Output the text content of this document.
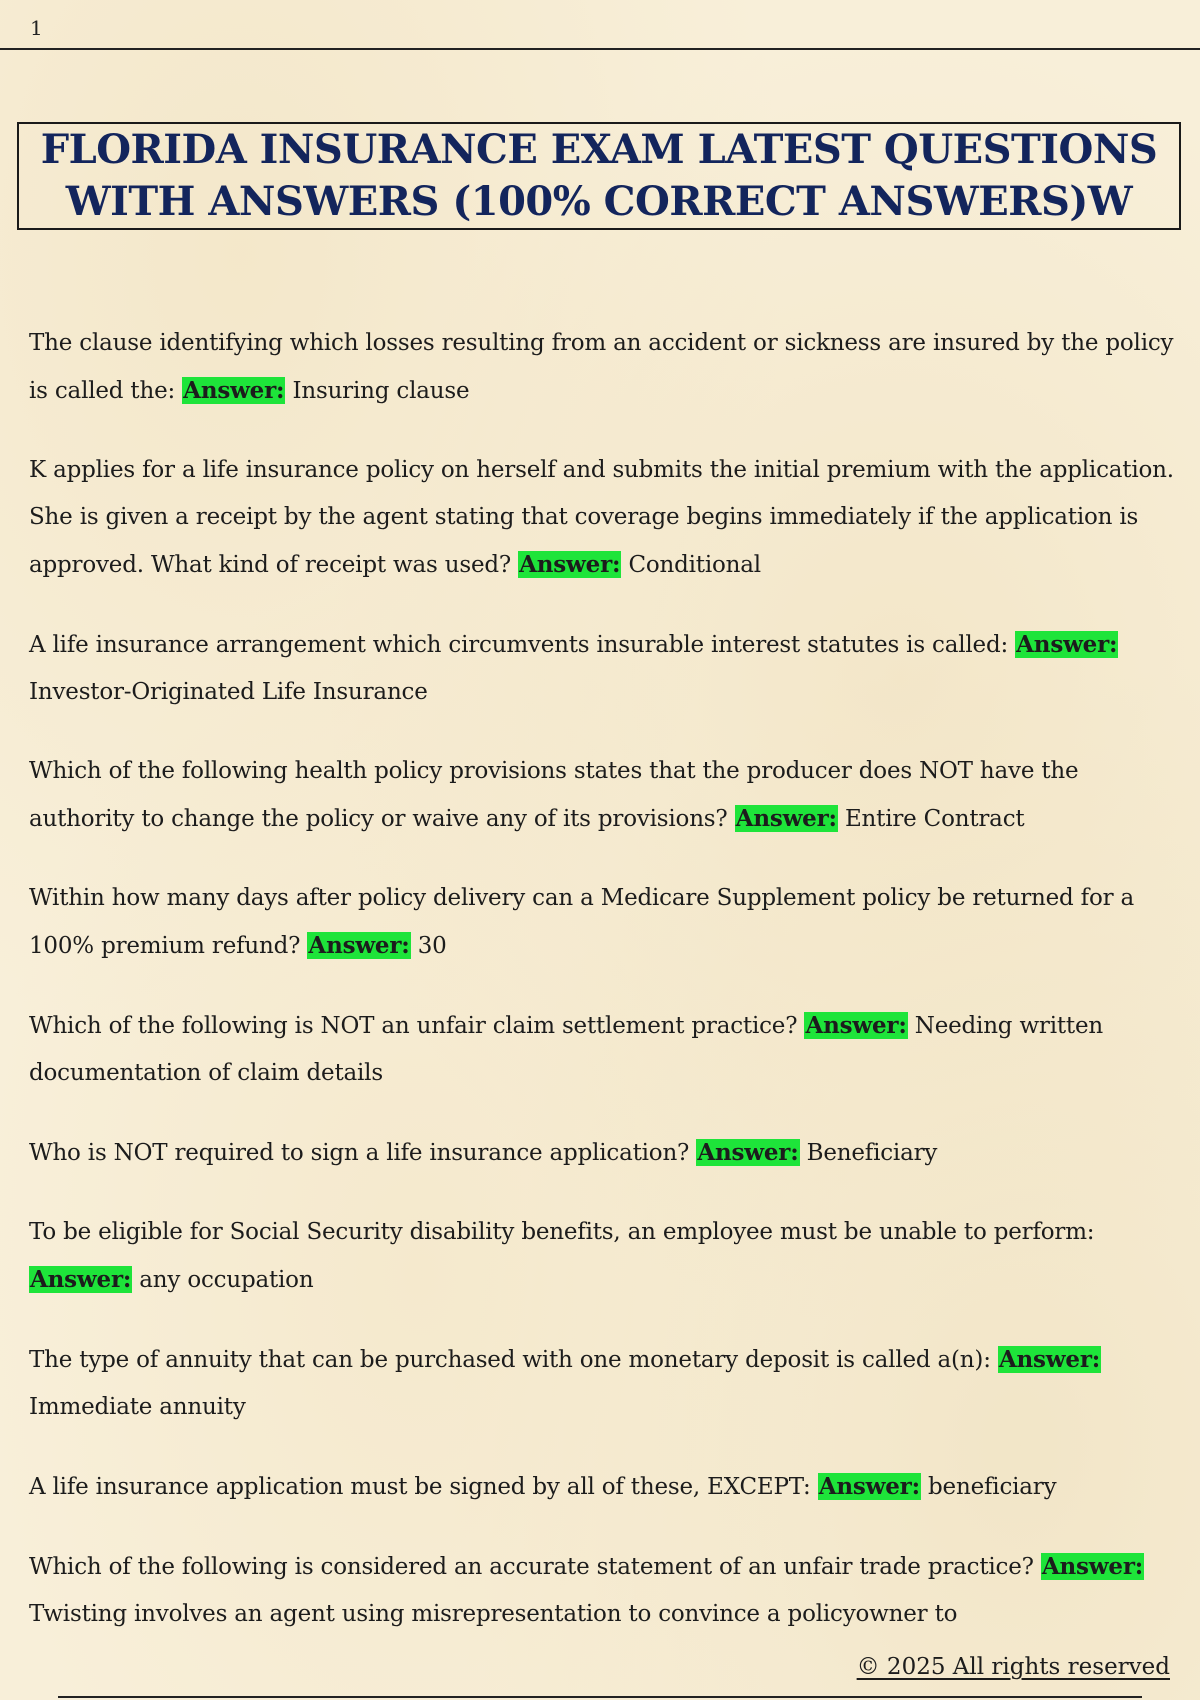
1
FLORIDA INSURANCE EXAM LATEST QUESTIONS
WITH ANSWERS (100% CORRECT ANSWERS)W

The clause identifying which losses resulting from an accident or sickness are insured by the policy is called the: Answer: Insuring clause

K applies for a life insurance policy on herself and submits the initial premium with the application. She is given a receipt by the agent stating that coverage begins immediately if the application is approved. What kind of receipt was used? Answer: Conditional

A life insurance arrangement which circumvents insurable interest statutes is called: Answer: Investor-Originated Life Insurance

Which of the following health policy provisions states that the producer does NOT have the authority to change the policy or waive any of its provisions? Answer: Entire Contract

Within how many days after policy delivery can a Medicare Supplement policy be returned for a 100% premium refund? Answer: 30

Which of the following is NOT an unfair claim settlement practice? Answer: Needing written documentation of claim details

Who is NOT required to sign a life insurance application? Answer: Beneficiary

To be eligible for Social Security disability benefits, an employee must be unable to perform: Answer: any occupation

The type of annuity that can be purchased with one monetary deposit is called a(n): Answer: Immediate annuity

A life insurance application must be signed by all of these, EXCEPT: Answer: beneficiary

Which of the following is considered an accurate statement of an unfair trade practice? Answer: Twisting involves an agent using misrepresentation to convince a policyowner to

© 2025 All rights reserved
